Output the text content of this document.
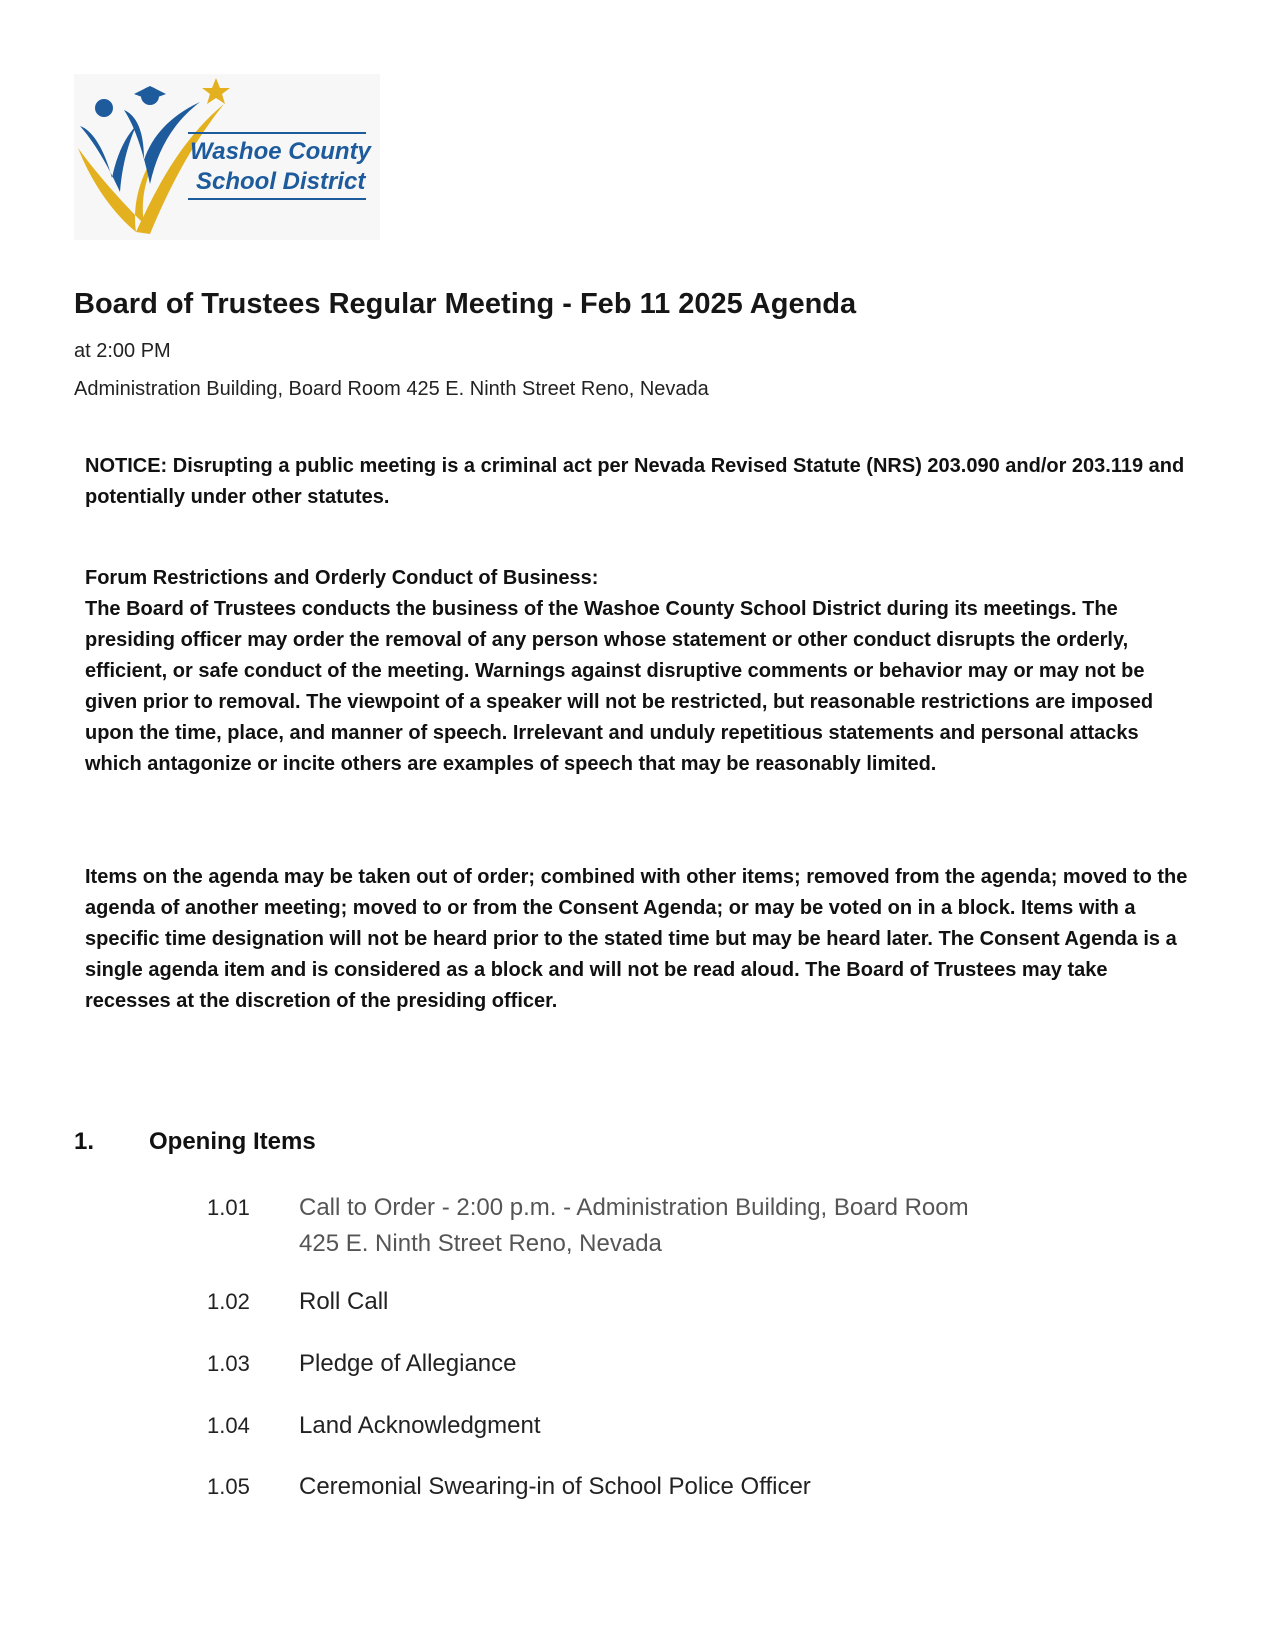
Washoe County
School District
Board of Trustees Regular Meeting - Feb 11 2025 Agenda
at 2:00 PM
Administration Building, Board Room 425 E. Ninth Street Reno, Nevada

NOTICE: Disrupting a public meeting is a criminal act per Nevada Revised Statute (NRS) 203.090 and/or 203.119 and potentially under other statutes.

Forum Restrictions and Orderly Conduct of Business:

The Board of Trustees conducts the business of the Washoe County School District during its meetings. The presiding officer may order the removal of any person whose statement or other conduct disrupts the orderly, efficient, or safe conduct of the meeting. Warnings against disruptive comments or behavior may or may not be given prior to removal. The viewpoint of a speaker will not be restricted, but reasonable restrictions are imposed upon the time, place, and manner of speech. Irrelevant and unduly repetitious statements and personal attacks which antagonize or incite others are examples of speech that may be reasonably limited.

Items on the agenda may be taken out of order; combined with other items; removed from the agenda; moved to the agenda of another meeting; moved to or from the Consent Agenda; or may be voted on in a block. Items with a specific time designation will not be heard prior to the stated time but may be heard later. The Consent Agenda is a single agenda item and is considered as a block and will not be read aloud. The Board of Trustees may take recesses at the discretion of the presiding officer.

1. Opening Items
1.01	Call to Order - 2:00 p.m. - Administration Building, Board Room 425 E. Ninth Street Reno, Nevada
1.02	Roll Call
1.03	Pledge of Allegiance
1.04	Land Acknowledgment
1.05	Ceremonial Swearing-in of School Police Officer
